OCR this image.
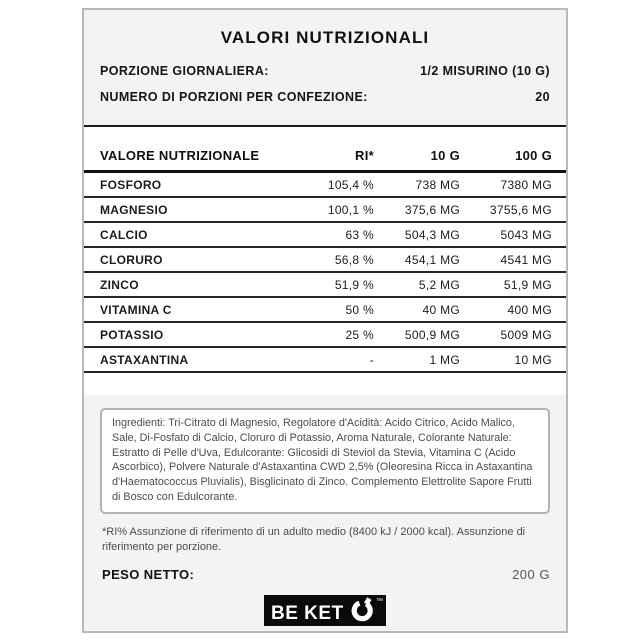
VALORI NUTRIZIONALI
PORZIONE GIORNALIERA:	1/2 MISURINO (10 G)
NUMERO DI PORZIONI PER CONFEZIONE:	20
VALORE NUTRIZIONALE	RI*	10 G	100 G
FOSFORO	105,4 %	738 MG	7380 MG
MAGNESIO	100,1 %	375,6 MG	3755,6 MG
CALCIO	63 %	504,3 MG	5043 MG
CLORURO	56,8 %	454,1 MG	4541 MG
ZINCO	51,9 %	5,2 MG	51,9 MG
VITAMINA C	50 %	40 MG	400 MG
POTASSIO	25 %	500,9 MG	5009 MG
ASTAXANTINA	-	1 MG	10 MG
Ingredienti: Tri-Citrato di Magnesio, Regolatore d'Acidità: Acido Citrico, Acido Malico, Sale, Di-Fosfato di Calcio, Cloruro di Potassio, Aroma Naturale, Colorante Naturale: Estratto di Pelle d'Uva, Edulcorante: Glicosidi di Steviol da Stevia, Vitamina C (Acido Ascorbico), Polvere Naturale d'Astaxantina CWD 2,5% (Oleoresina Ricca in Astaxantina d'Haematococcus Pluvialis), Bisglicinato di Zinco. Complemento Elettrolite Sapore Frutti di Bosco con Edulcorante.
*RI% Assunzione di riferimento di un adulto medio (8400 kJ / 2000 kcal). Assunzione di riferimento per porzione.
PESO NETTO:	200 G
BE KET
™
